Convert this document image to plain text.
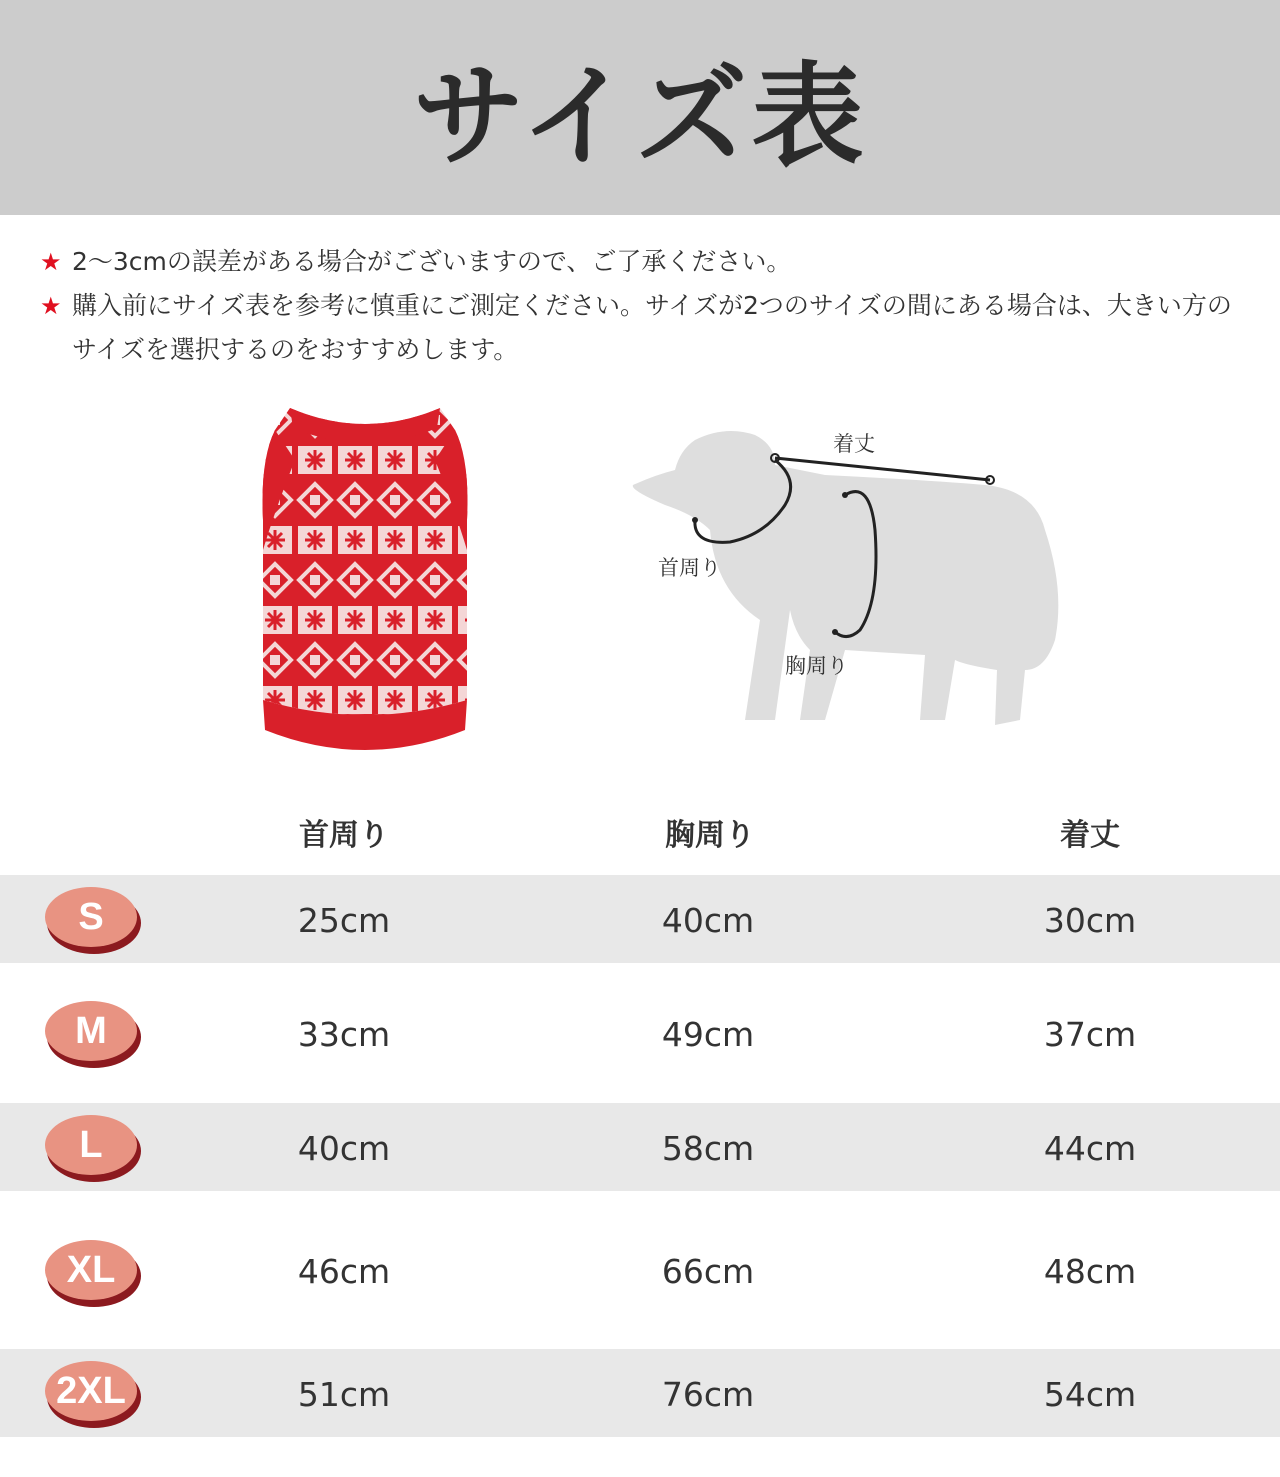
サイズ表
★ 2〜3cmの誤差がある場合がございますので、ご了承ください。
★ 購入前にサイズ表を参考に慎重にご測定ください。サイズが2つのサイズの間にある場合は、大きい方のサイズを選択するのをおすすめします。
着丈
首周り
胸周り
首周り	胸周り	着丈
S	25cm	40cm	30cm
M	33cm	49cm	37cm
L	40cm	58cm	44cm
XL	46cm	66cm	48cm
2XL	51cm	76cm	54cm
